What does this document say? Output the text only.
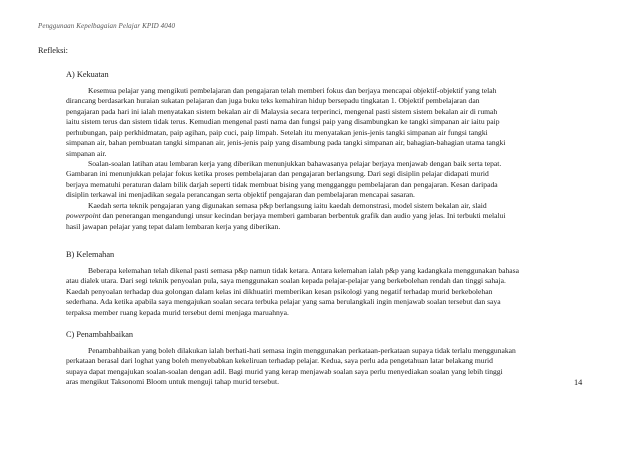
Penggunaan Kepelbagaian Pelajar KPID 4040
Refleksi:
A) Kekuatan

Kesemua pelajar yang mengikuti pembelajaran dan pengajaran telah memberi fokus dan berjaya mencapai objektif-objektif yang telah
dirancang berdasarkan huraian sukatan pelajaran dan juga buku teks kemahiran hidup bersepadu tingkatan 1. Objektif pembelajaran dan
pengajaran pada hari ini ialah menyatakan sistem bekalan air di Malaysia secara terperinci, mengenal pasti sistem sistem bekalan air di rumah
iaitu sistem terus dan sistem tidak terus. Kemudian mengenal pasti nama dan fungsi paip yang disambungkan ke tangki simpanan air iaitu paip
perhubungan, paip perkhidmatan, paip agihan, paip cuci, paip limpah. Setelah itu menyatakan jenis-jenis tangki simpanan air fungsi tangki
simpanan air, bahan pembuatan tangki simpanan air, jenis-jenis paip yang disambung pada tangki simpanan air, bahagian-bahagian utama tangki
simpanan air.

Soalan-soalan latihan atau lembaran kerja yang diberikan menunjukkan bahawasanya pelajar berjaya menjawab dengan baik serta tepat.
Gambaran ini menunjukkan pelajar fokus ketika proses pembelajaran dan pengajaran berlangsung. Dari segi disiplin pelajar didapati murid
berjaya mematuhi peraturan dalam bilik darjah seperti tidak membuat bising yang mengganggu pembelajaran dan pengajaran. Kesan daripada
disiplin terkawal ini menjadikan segala perancangan serta objektif pengajaran dan pembelajaran mencapai sasaran.

Kaedah serta teknik pengajaran yang digunakan semasa p&p berlangsung iaitu kaedah demonstrasi, model sistem bekalan air, slaid
powerpoint dan penerangan mengandungi unsur kecindan berjaya memberi gambaran berbentuk grafik dan audio yang jelas. Ini terbukti melalui
hasil jawapan pelajar yang tepat dalam lembaran kerja yang diberikan.

B) Kelemahan

Beberapa kelemahan telah dikenal pasti semasa p&p namun tidak ketara. Antara kelemahan ialah p&p yang kadangkala menggunakan bahasa
atau dialek utara. Dari segi teknik penyoalan pula, saya menggunakan soalan kepada pelajar-pelajar yang berkebolehan rendah dan tinggi sahaja.
Kaedah penyoalan terhadap dua golongan dalam kelas ini dikhuatiri memberikan kesan psikologi yang negatif terhadap murid berkebolehan
sederhana. Ada ketika apabila saya mengajukan soalan secara terbuka pelajar yang sama berulangkali ingin menjawab soalan tersebut dan saya
terpaksa member ruang kepada murid tersebut demi menjaga maruahnya.

C) Penambahbaikan

Penambahbaikan yang boleh dilakukan ialah berhati-hati semasa ingin menggunakan perkataan-perkataan supaya tidak terlalu menggunakan
perkataan berasal dari loghat yang boleh menyebabkan kekeliruan terhadap pelajar. Kedua, saya perlu ada pengetahuan latar belakang murid
supaya dapat mengajukan soalan-soalan dengan adil. Bagi murid yang kerap menjawab soalan saya perlu menyediakan soalan yang lebih tinggi
aras mengikut Taksonomi Bloom untuk menguji tahap murid tersebut.	14
